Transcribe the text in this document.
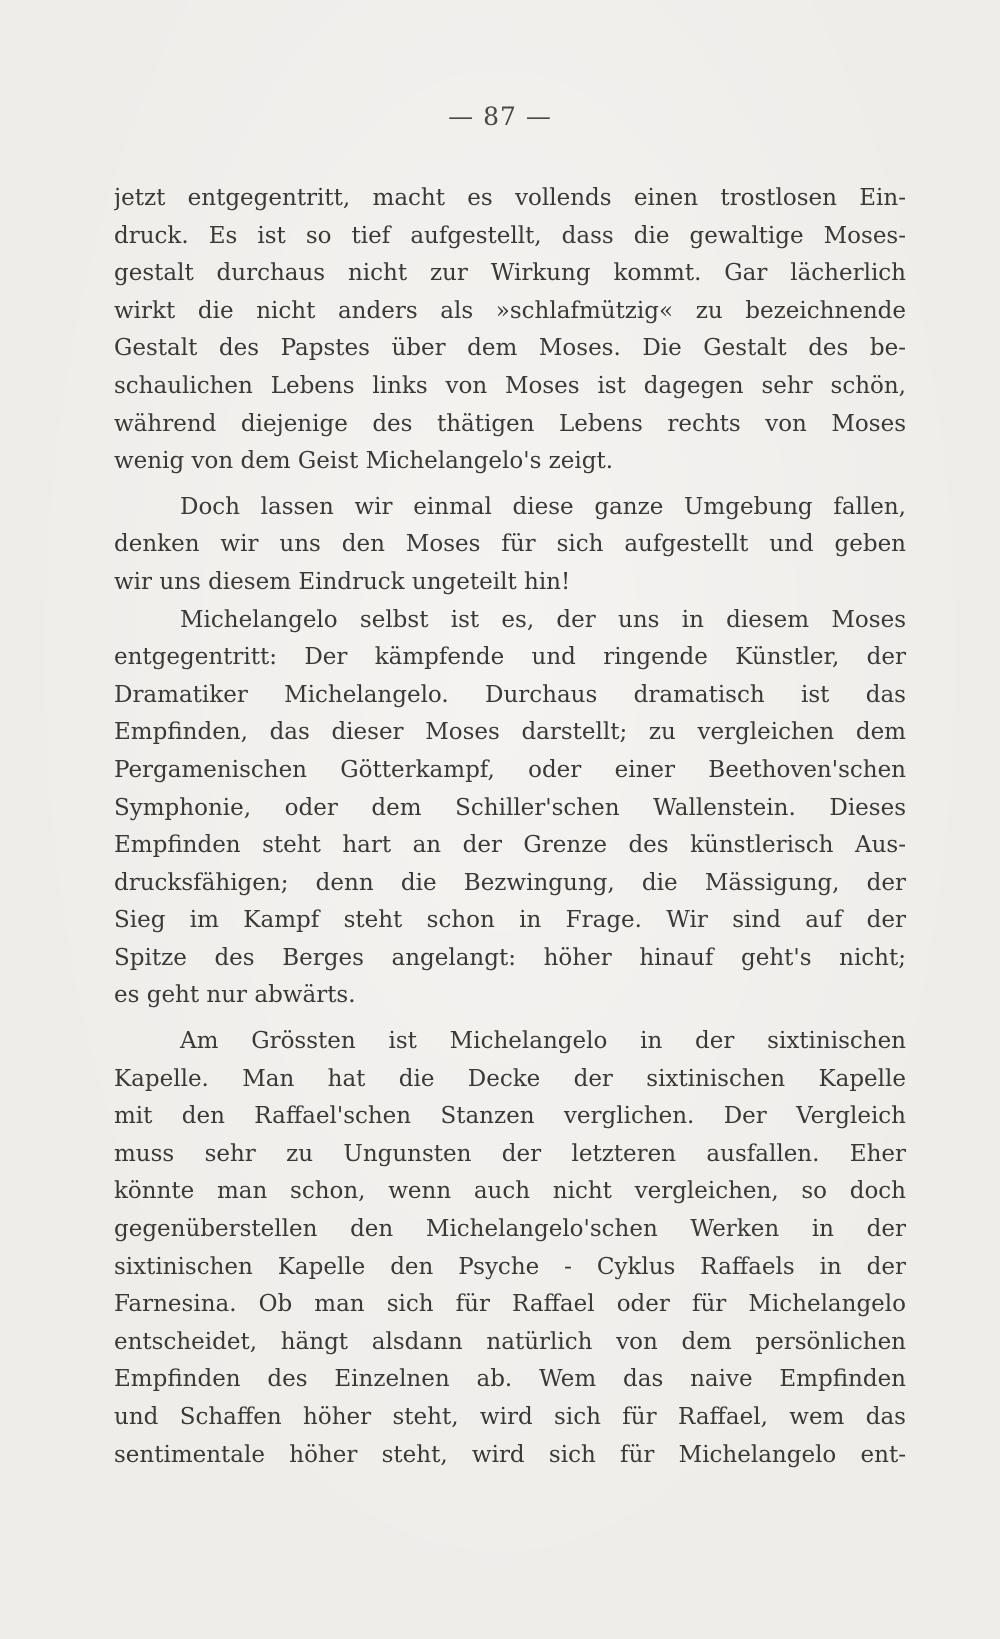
— 87 —
jetzt entgegentritt, macht es vollends einen trostlosen Ein-
druck. Es ist so tief aufgestellt, dass die gewaltige Moses-
gestalt durchaus nicht zur Wirkung kommt. Gar lächerlich
wirkt die nicht anders als »schlafmützig« zu bezeichnende
Gestalt des Papstes über dem Moses. Die Gestalt des be-
schaulichen Lebens links von Moses ist dagegen sehr schön,
während diejenige des thätigen Lebens rechts von Moses
wenig von dem Geist Michelangelo's zeigt.
Doch lassen wir einmal diese ganze Umgebung fallen,
denken wir uns den Moses für sich aufgestellt und geben
wir uns diesem Eindruck ungeteilt hin!
Michelangelo selbst ist es, der uns in diesem Moses
entgegentritt: Der kämpfende und ringende Künstler, der
Dramatiker Michelangelo. Durchaus dramatisch ist das
Empfinden, das dieser Moses darstellt; zu vergleichen dem
Pergamenischen Götterkampf, oder einer Beethoven'schen
Symphonie, oder dem Schiller'schen Wallenstein. Dieses
Empfinden steht hart an der Grenze des künstlerisch Aus-
drucksfähigen; denn die Bezwingung, die Mässigung, der
Sieg im Kampf steht schon in Frage. Wir sind auf der
Spitze des Berges angelangt: höher hinauf geht's nicht;
es geht nur abwärts.
Am Grössten ist Michelangelo in der sixtinischen
Kapelle. Man hat die Decke der sixtinischen Kapelle
mit den Raffael'schen Stanzen verglichen. Der Vergleich
muss sehr zu Ungunsten der letzteren ausfallen. Eher
könnte man schon, wenn auch nicht vergleichen, so doch
gegenüberstellen den Michelangelo'schen Werken in der
sixtinischen Kapelle den Psyche - Cyklus Raffaels in der
Farnesina. Ob man sich für Raffael oder für Michelangelo
entscheidet, hängt alsdann natürlich von dem persönlichen
Empfinden des Einzelnen ab. Wem das naive Empfinden
und Schaffen höher steht, wird sich für Raffael, wem das
sentimentale höher steht, wird sich für Michelangelo ent-
